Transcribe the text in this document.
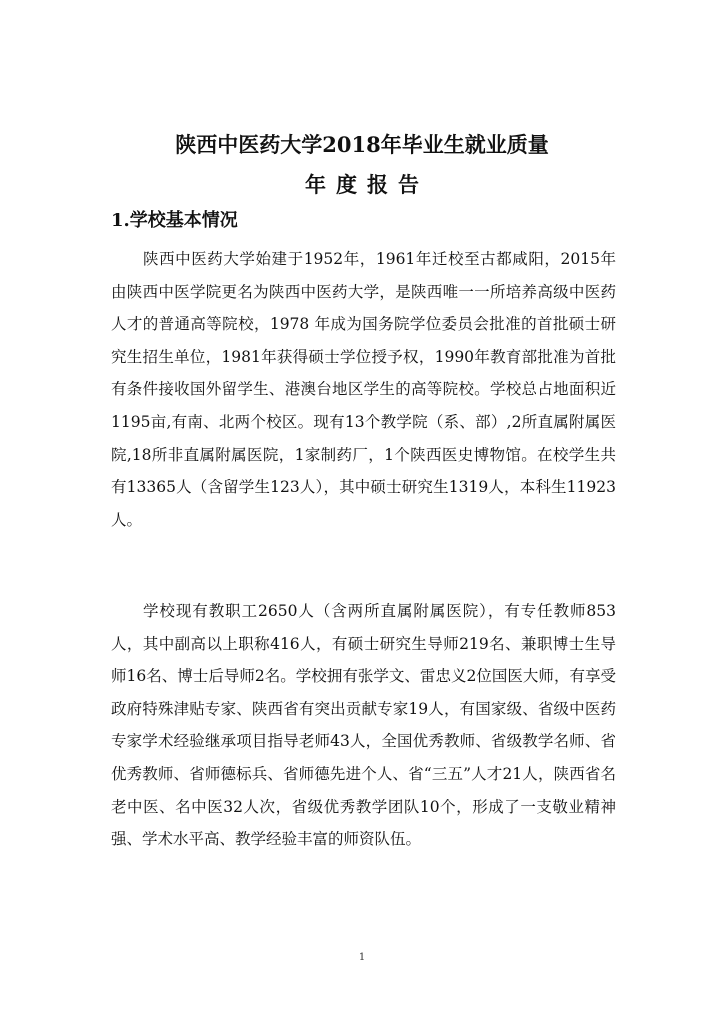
陕西中医药大学2018年毕业生就业质量
年度报告
1.学校基本情况

陕西中医药大学始建于1952年，1961年迁校至古都咸阳，2015年由陕西中医学院更名为陕西中医药大学，是陕西唯一一所培养高级中医药人才的普通高等院校，1978 年成为国务院学位委员会批准的首批硕士研究生招生单位，1981年获得硕士学位授予权，1990年教育部批准为首批有条件接收国外留学生、港澳台地区学生的高等院校。学校总占地面积近1195亩,有南、北两个校区。现有13个教学院（系、部）,2所直属附属医院,18所非直属附属医院，1家制药厂，1个陕西医史博物馆。在校学生共有13365人（含留学生123人），其中硕士研究生1319人，本科生11923人。

学校现有教职工2650人（含两所直属附属医院），有专任教师853人，其中副高以上职称416人，有硕士研究生导师219名、兼职博士生导师16名、博士后导师2名。学校拥有张学文、雷忠义2位国医大师，有享受政府特殊津贴专家、陕西省有突出贡献专家19人，有国家级、省级中医药专家学术经验继承项目指导老师43人，全国优秀教师、省级教学名师、省优秀教师、省师德标兵、省师德先进个人、省“三五”人才21人，陕西省名老中医、名中医32人次，省级优秀教学团队10个，形成了一支敬业精神强、学术水平高、教学经验丰富的师资队伍。

1
